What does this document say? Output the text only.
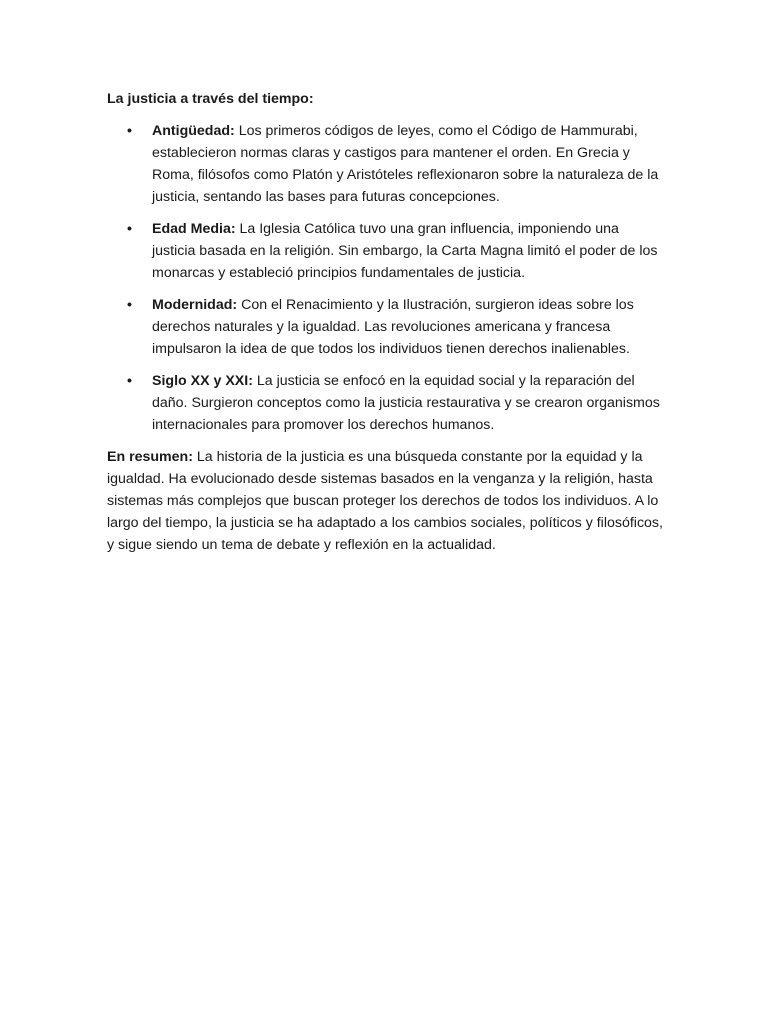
La justicia a través del tiempo:

•	Antigüedad: Los primeros códigos de leyes, como el Código de Hammurabi, establecieron normas claras y castigos para mantener el orden. En Grecia y Roma, filósofos como Platón y Aristóteles reflexionaron sobre la naturaleza de la justicia, sentando las bases para futuras concepciones.
•	Edad Media: La Iglesia Católica tuvo una gran influencia, imponiendo una justicia basada en la religión. Sin embargo, la Carta Magna limitó el poder de los monarcas y estableció principios fundamentales de justicia.
•	Modernidad: Con el Renacimiento y la Ilustración, surgieron ideas sobre los derechos naturales y la igualdad. Las revoluciones americana y francesa impulsaron la idea de que todos los individuos tienen derechos inalienables.
•	Siglo XX y XXI: La justicia se enfocó en la equidad social y la reparación del daño. Surgieron conceptos como la justicia restaurativa y se crearon organismos internacionales para promover los derechos humanos.

En resumen: La historia de la justicia es una búsqueda constante por la equidad y la igualdad. Ha evolucionado desde sistemas basados en la venganza y la religión, hasta sistemas más complejos que buscan proteger los derechos de todos los individuos. A lo largo del tiempo, la justicia se ha adaptado a los cambios sociales, políticos y filosóficos, y sigue siendo un tema de debate y reflexión en la actualidad.
